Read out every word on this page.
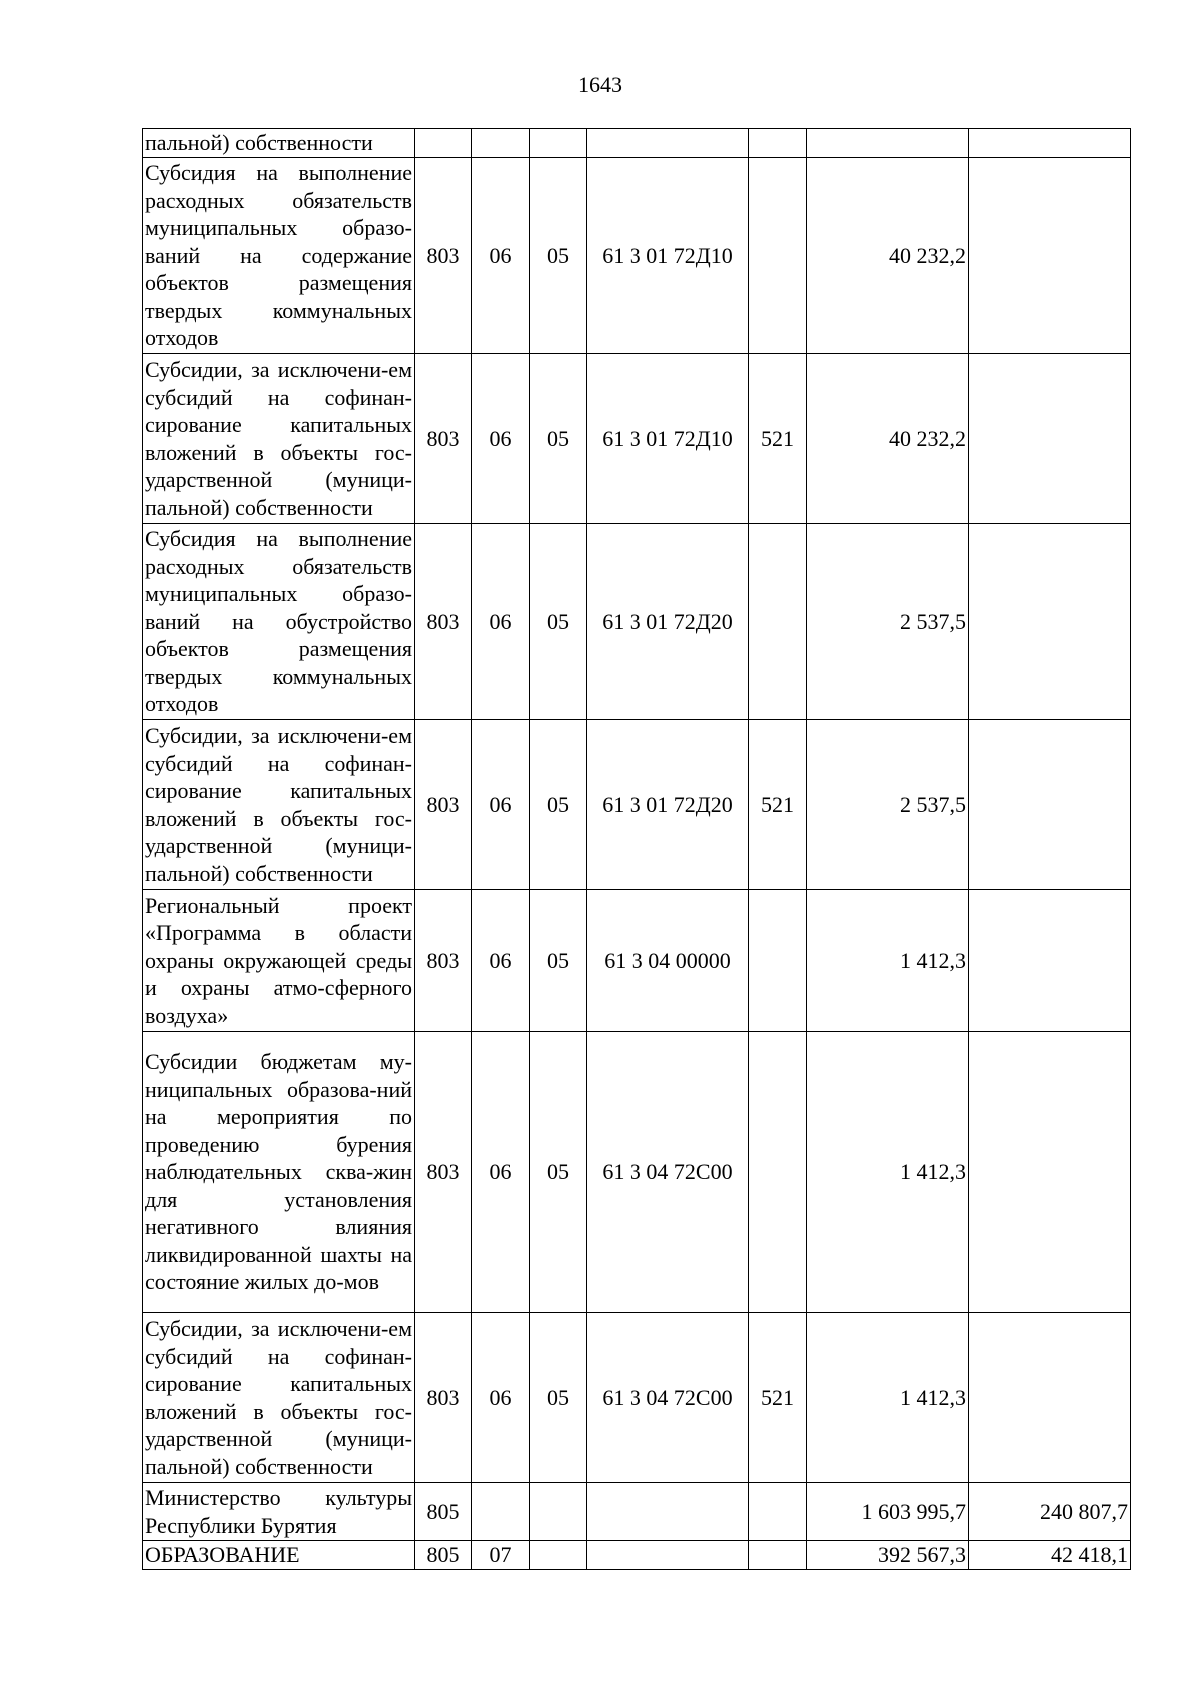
1643
пальной) собственности							
Субсидия на выполнение расходных обязательств муниципальных образо-ваний на содержание объектов размещения твердых коммунальных отходов	803	06	05	61 3 01 72Д10		40 232,2	
Субсидии, за исключени-ем субсидий на софинан-сирование капитальных вложений в объекты гос-ударственной (муници-пальной) собственности	803	06	05	61 3 01 72Д10	521	40 232,2	
Субсидия на выполнение расходных обязательств муниципальных образо-ваний на обустройство объектов размещения твердых коммунальных отходов	803	06	05	61 3 01 72Д20		2 537,5	
Субсидии, за исключени-ем субсидий на софинан-сирование капитальных вложений в объекты гос-ударственной (муници-пальной) собственности	803	06	05	61 3 01 72Д20	521	2 537,5	
Региональный проект «Программа в области охраны окружающей среды и охраны атмо-сферного воздуха»	803	06	05	61 3 04 00000		1 412,3	
Субсидии бюджетам му-ниципальных образова-ний на мероприятия по проведению бурения наблюдательных сква-жин для установления негативного влияния ликвидированной шахты на состояние жилых до-мов	803	06	05	61 3 04 72С00		1 412,3	
Субсидии, за исключени-ем субсидий на софинан-сирование капитальных вложений в объекты гос-ударственной (муници-пальной) собственности	803	06	05	61 3 04 72С00	521	1 412,3	
Министерство культуры Республики Бурятия	805					1 603 995,7	240 807,7
ОБРАЗОВАНИЕ	805	07				392 567,3	42 418,1
